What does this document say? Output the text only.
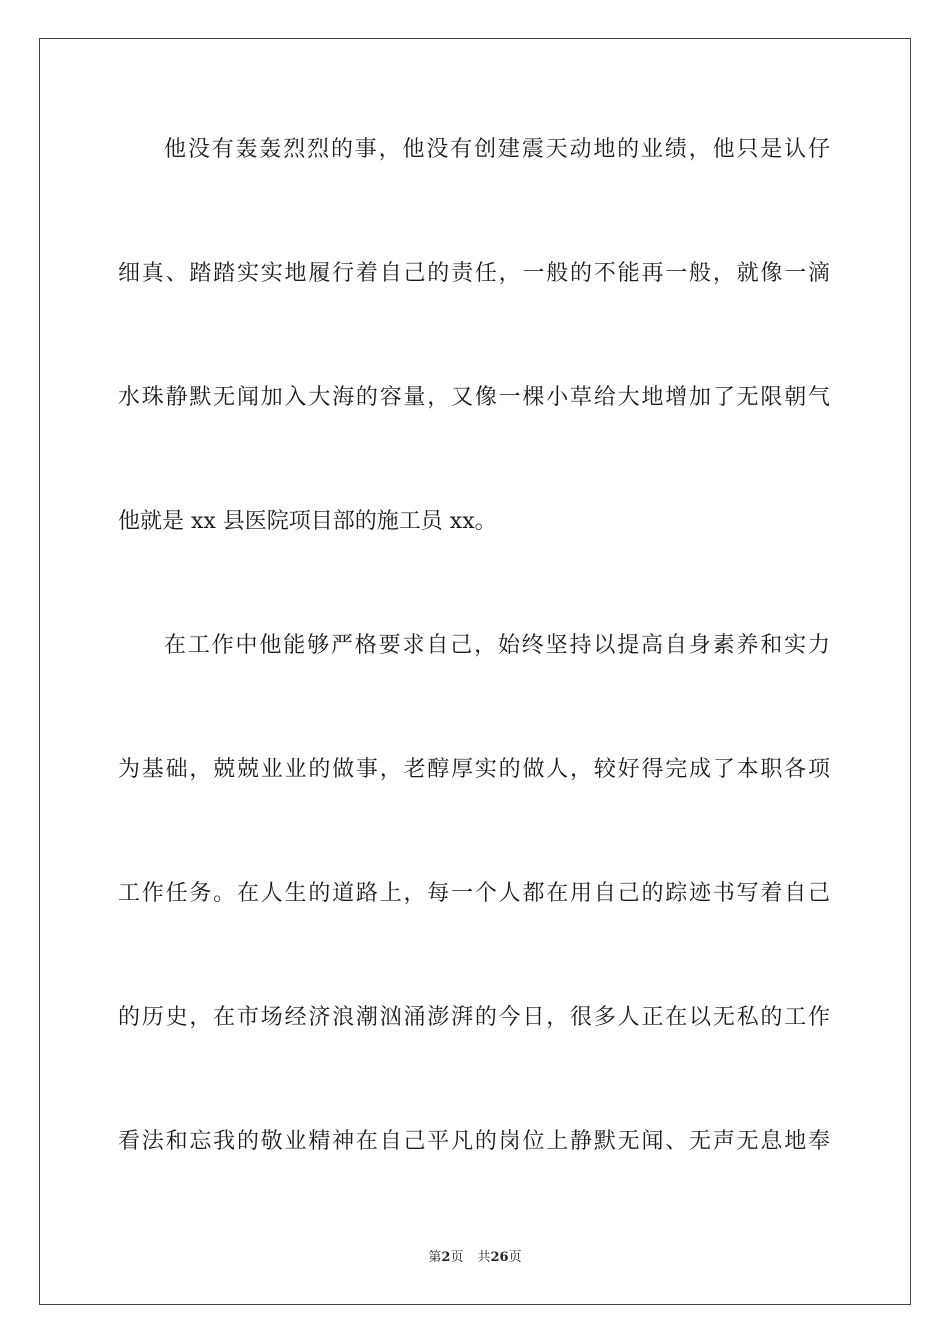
他没有轰轰烈烈的事，他没有创建震天动地的业绩，他只是认仔
细真、踏踏实实地履行着自己的责任，一般的不能再一般，就像一滴
水珠静默无闻加入大海的容量，又像一棵小草给大地增加了无限朝气
他就是 xx 县医院项目部的施工员 xx。
在工作中他能够严格要求自己，始终坚持以提高自身素养和实力
为基础，兢兢业业的做事，老醇厚实的做人，较好得完成了本职各项
工作任务。在人生的道路上，每一个人都在用自己的踪迹书写着自己
的历史，在市场经济浪潮汹涌澎湃的今日，很多人正在以无私的工作
看法和忘我的敬业精神在自己平凡的岗位上静默无闻、无声无息地奉
第2页 共26页
